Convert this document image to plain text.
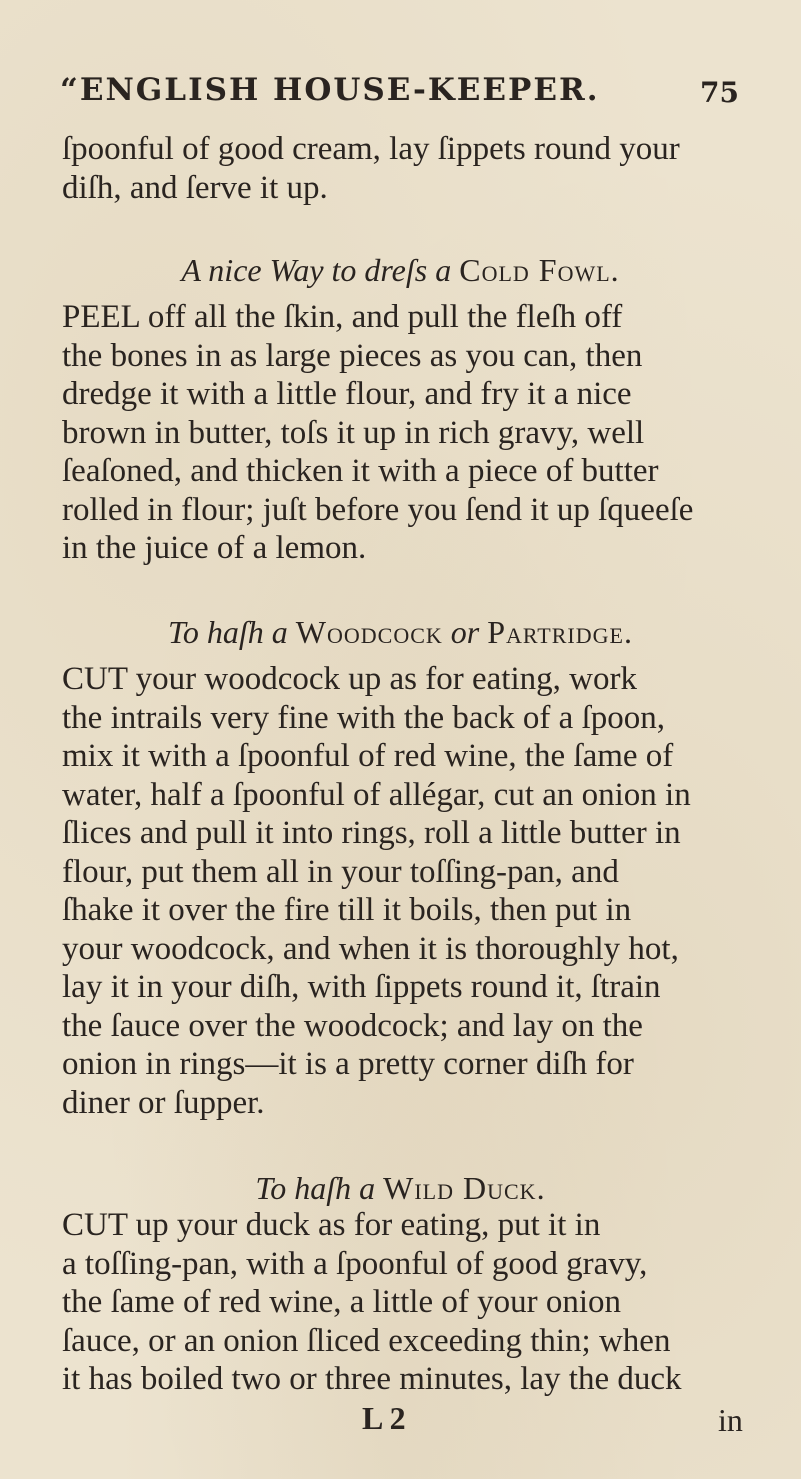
“ENGLISH HOUSE-KEEPER.	75
ſpoonful of good cream, lay ſippets round your
diſh, and ſerve it up.
A nice Way to dreſs a Cold Fowl.
PEEL off all the ſkin, and pull the fleſh off
the bones in as large pieces as you can, then
dredge it with a little flour, and fry it a nice
brown in butter, toſs it up in rich gravy, well
ſeaſoned, and thicken it with a piece of butter
rolled in flour; juſt before you ſend it up ſqueeſe
in the juice of a lemon.
To haſh a Woodcock or Partridge.
CUT your woodcock up as for eating, work
the intrails very fine with the back of a ſpoon,
mix it with a ſpoonful of red wine, the ſame of
water, half a ſpoonful of allégar, cut an onion in
ſlices and pull it into rings, roll a little butter in
flour, put them all in your toſſing-pan, and
ſhake it over the fire till it boils, then put in
your woodcock, and when it is thoroughly hot,
lay it in your diſh, with ſippets round it, ſtrain
the ſauce over the woodcock; and lay on the
onion in rings—it is a pretty corner diſh for
diner or ſupper.
To haſh a Wild Duck.
CUT up your duck as for eating, put it in
a toſſing-pan, with a ſpoonful of good gravy,
the ſame of red wine, a little of your onion
ſauce, or an onion ſliced exceeding thin; when
it has boiled two or three minutes, lay the duck
L 2	in
